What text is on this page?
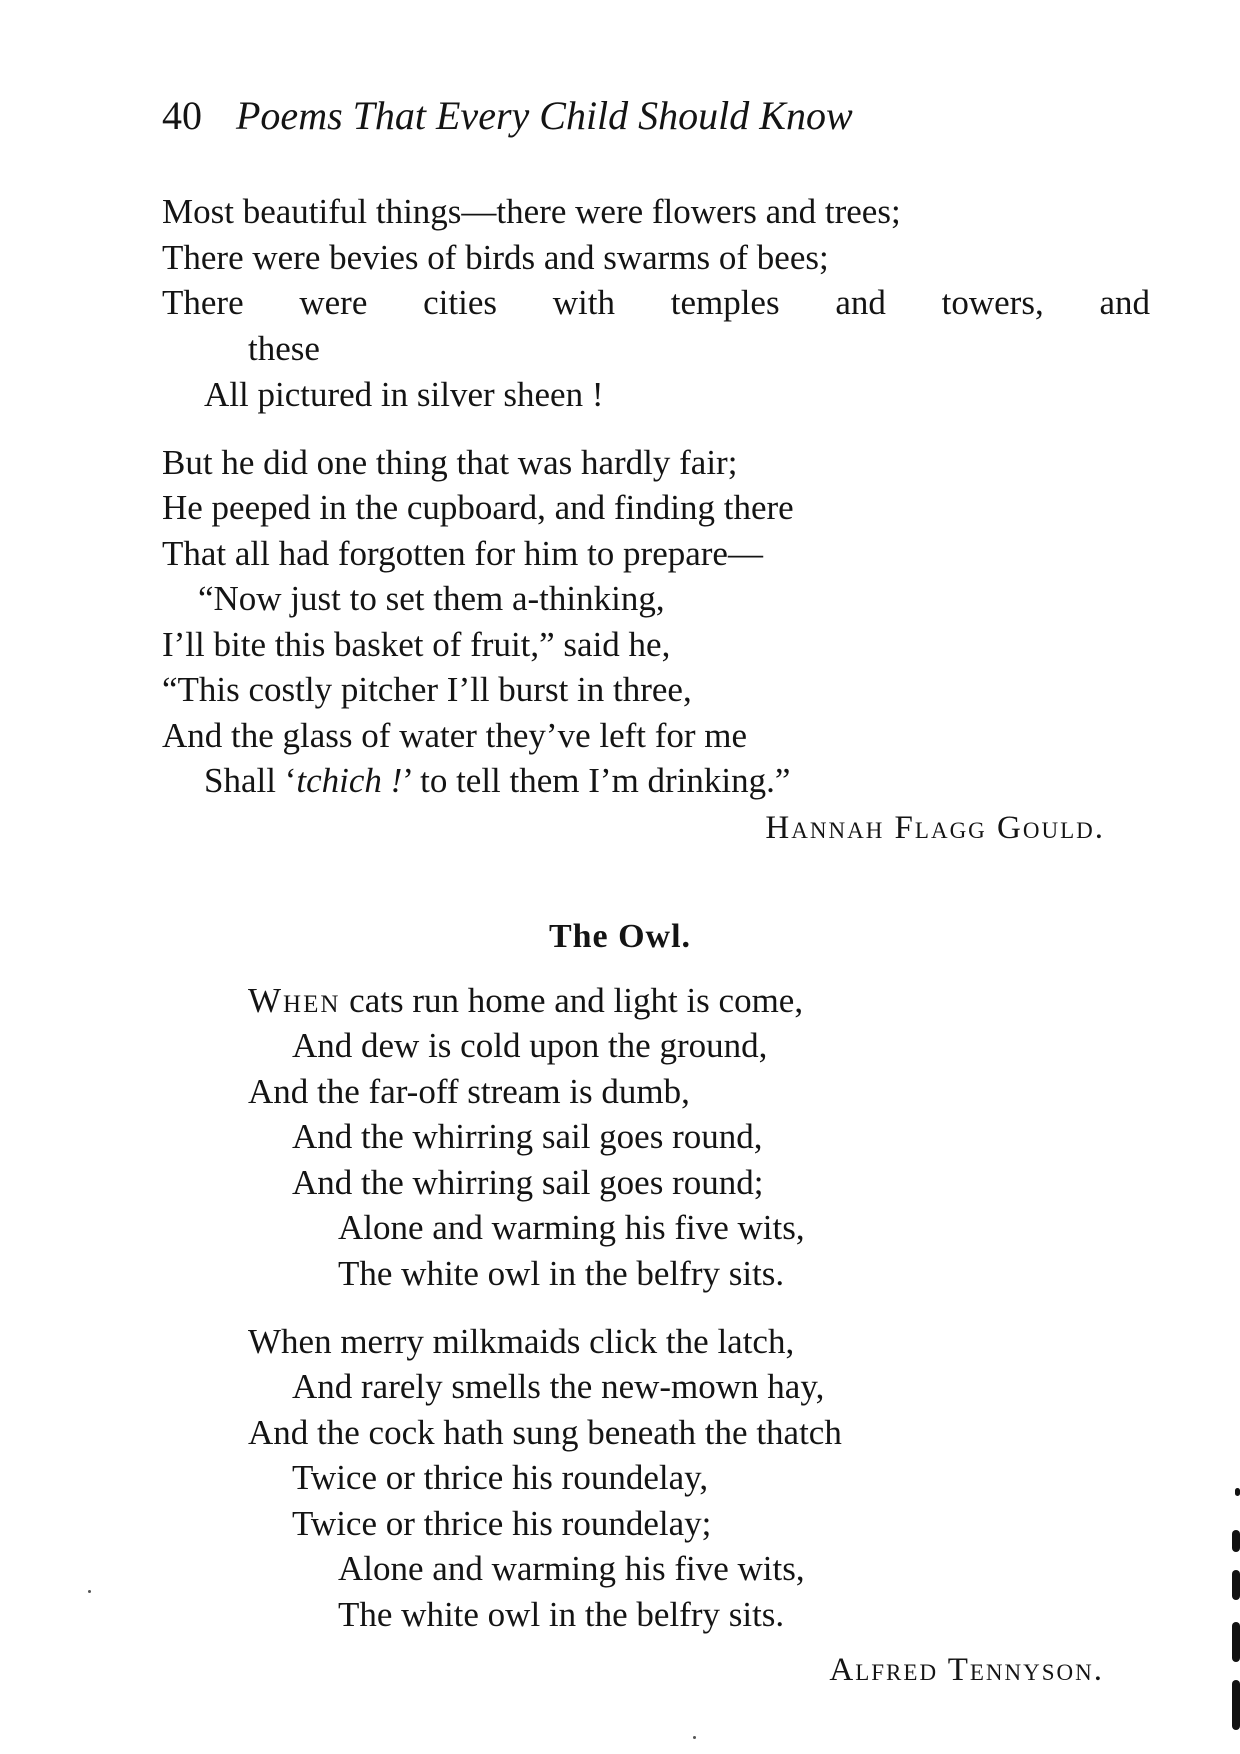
40 Poems That Every Child Should Know
Most beautiful things—there were flowers and trees;
There were bevies of birds and swarms of bees;
There were cities with temples and towers, and
these
All pictured in silver sheen !
But he did one thing that was hardly fair;
He peeped in the cupboard, and finding there
That all had forgotten for him to prepare—
“Now just to set them a-thinking,
I’ll bite this basket of fruit,” said he,
“This costly pitcher I’ll burst in three,
And the glass of water they’ve left for me
Shall ‘tchich !’ to tell them I’m drinking.”
Hannah Flagg Gould.
The Owl.
When cats run home and light is come,
And dew is cold upon the ground,
And the far-off stream is dumb,
And the whirring sail goes round,
And the whirring sail goes round;
Alone and warming his five wits,
The white owl in the belfry sits.
When merry milkmaids click the latch,
And rarely smells the new-mown hay,
And the cock hath sung beneath the thatch
Twice or thrice his roundelay,
Twice or thrice his roundelay;
Alone and warming his five wits,
The white owl in the belfry sits.
Alfred Tennyson.
